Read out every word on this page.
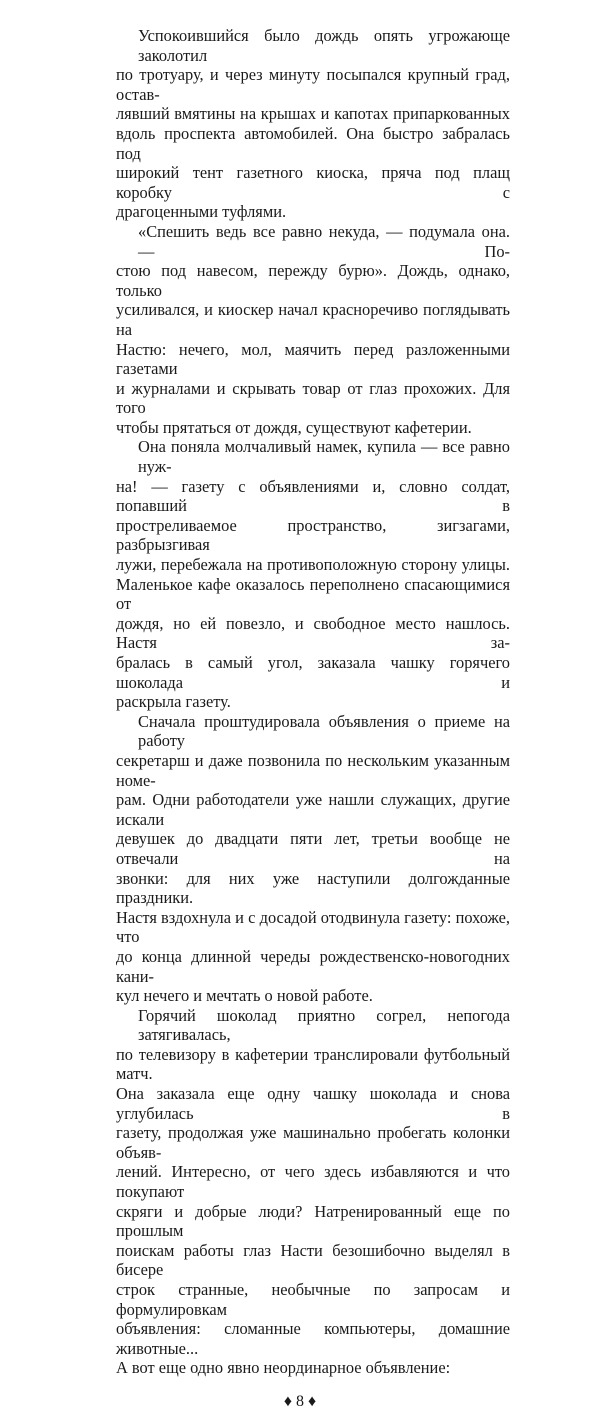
Успокоившийся было дождь опять угрожающе заколотил
по тротуару, и через минуту посыпался крупный град, остав-
лявший вмятины на крышах и капотах припаркованных
вдоль проспекта автомобилей. Она быстро забралась под
широкий тент газетного киоска, пряча под плащ коробку с
драгоценными туфлями.
«Спешить ведь все равно некуда, — подумала она. — По-
стою под навесом, пережду бурю». Дождь, однако, только
усиливался, и киоскер начал красноречиво поглядывать на
Настю: нечего, мол, маячить перед разложенными газетами
и журналами и скрывать товар от глаз прохожих. Для того
чтобы прятаться от дождя, существуют кафетерии.
Она поняла молчаливый намек, купила — все равно нуж-
на! — газету с объявлениями и, словно солдат, попавший в
простреливаемое пространство, зигзагами, разбрызгивая
лужи, перебежала на противоположную сторону улицы.
Маленькое кафе оказалось переполнено спасающимися от
дождя, но ей повезло, и свободное место нашлось. Настя за-
бралась в самый угол, заказала чашку горячего шоколада и
раскрыла газету.
Сначала проштудировала объявления о приеме на работу
секретарш и даже позвонила по нескольким указанным номе-
рам. Одни работодатели уже нашли служащих, другие искали
девушек до двадцати пяти лет, третьи вообще не отвечали на
звонки: для них уже наступили долгожданные праздники.
Настя вздохнула и с досадой отодвинула газету: похоже, что
до конца длинной череды рождественско-новогодних кани-
кул нечего и мечтать о новой работе.
Горячий шоколад приятно согрел, непогода затягивалась,
по телевизору в кафетерии транслировали футбольный матч.
Она заказала еще одну чашку шоколада и снова углубилась в
газету, продолжая уже машинально пробегать колонки объяв-
лений. Интересно, от чего здесь избавляются и что покупают
скряги и добрые люди? Натренированный еще по прошлым
поискам работы глаз Насти безошибочно выделял в бисере
строк странные, необычные по запросам и формулировкам
объявления: сломанные компьютеры, домашние животные...
А вот еще одно явно неординарное объявление:
♦ 8 ♦
